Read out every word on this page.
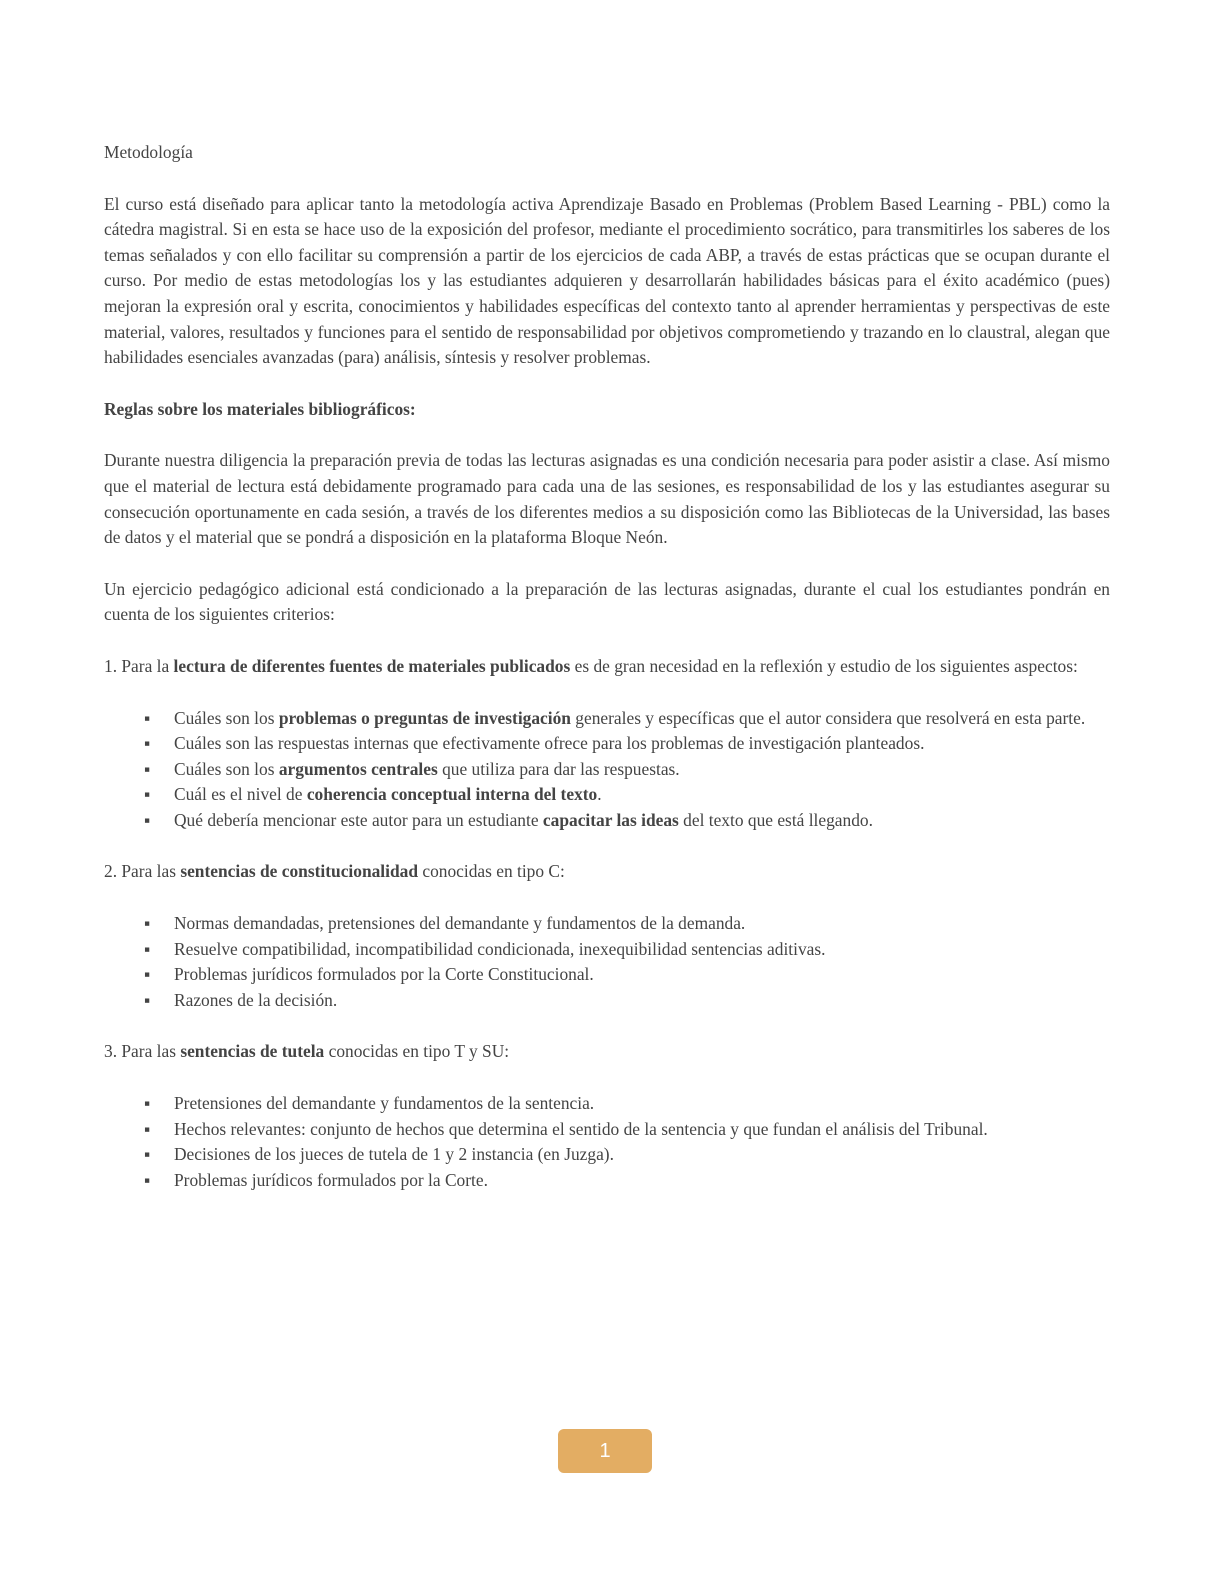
Metodología

El curso está diseñado para aplicar tanto la metodología activa Aprendizaje Basado en Problemas (Problem Based Learning - PBL) como la cátedra magistral. Si en esta se hace uso de la exposición del profesor, mediante el procedimiento socrático, para transmitirles los saberes de los temas señalados y con ello facilitar su comprensión a partir de los ejercicios de cada ABP, a través de estas prácticas que se ocupan durante el curso. Por medio de estas metodologías los y las estudiantes adquieren y desarrollarán habilidades básicas para el éxito académico (pues) mejoran la expresión oral y escrita, conocimientos y habilidades específicas del contexto tanto al aprender herramientas y perspectivas de este material, valores, resultados y funciones para el sentido de responsabilidad por objetivos comprometiendo y trazando en lo claustral, alegan que habilidades esenciales avanzadas (para) análisis, síntesis y resolver problemas.

Reglas sobre los materiales bibliográficos:

Durante nuestra diligencia la preparación previa de todas las lecturas asignadas es una condición necesaria para poder asistir a clase. Así mismo que el material de lectura está debidamente programado para cada una de las sesiones, es responsabilidad de los y las estudiantes asegurar su consecución oportunamente en cada sesión, a través de los diferentes medios a su disposición como las Bibliotecas de la Universidad, las bases de datos y el material que se pondrá a disposición en la plataforma Bloque Neón.

Un ejercicio pedagógico adicional está condicionado a la preparación de las lecturas asignadas, durante el cual los estudiantes pondrán en cuenta de los siguientes criterios:

1. Para la lectura de diferentes fuentes de materiales publicados es de gran necesidad en la reflexión y estudio de los siguientes aspectos:

▪ Cuáles son los problemas o preguntas de investigación generales y específicas que el autor considera que resolverá en esta parte.
▪ Cuáles son las respuestas internas que efectivamente ofrece para los problemas de investigación planteados.
▪ Cuáles son los argumentos centrales que utiliza para dar las respuestas.
▪ Cuál es el nivel de coherencia conceptual interna del texto.
▪ Qué debería mencionar este autor para un estudiante capacitar las ideas del texto que está llegando.

2. Para las sentencias de constitucionalidad conocidas en tipo C:

▪ Normas demandadas, pretensiones del demandante y fundamentos de la demanda.
▪ Resuelve compatibilidad, incompatibilidad condicionada, inexequibilidad sentencias aditivas.
▪ Problemas jurídicos formulados por la Corte Constitucional.
▪ Razones de la decisión.

3. Para las sentencias de tutela conocidas en tipo T y SU:

▪ Pretensiones del demandante y fundamentos de la sentencia.
▪ Hechos relevantes: conjunto de hechos que determina el sentido de la sentencia y que fundan el análisis del Tribunal.
▪ Decisiones de los jueces de tutela de 1 y 2 instancia (en Juzga).
▪ Problemas jurídicos formulados por la Corte.
1
